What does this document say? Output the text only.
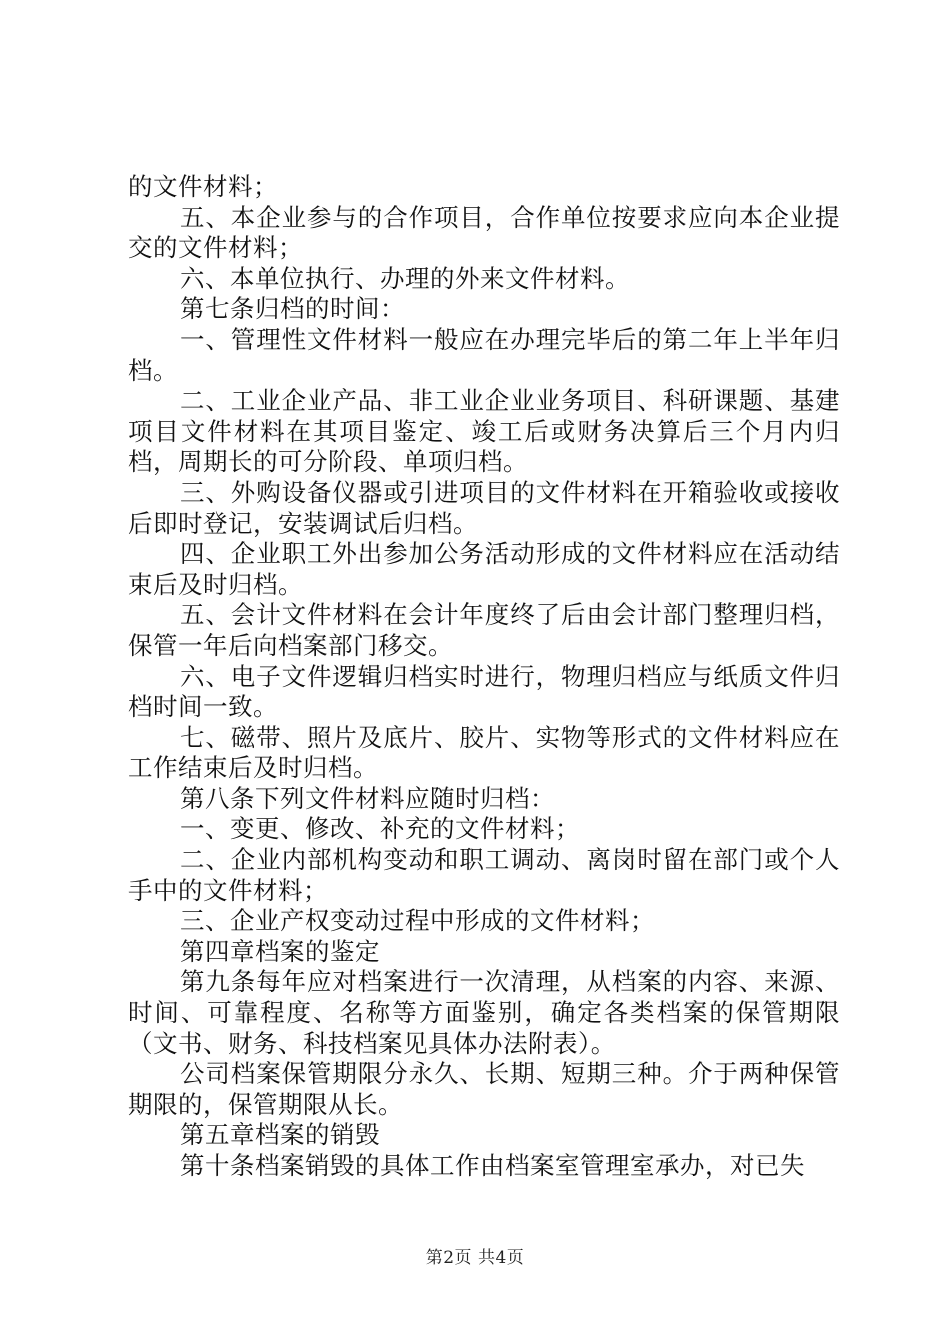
的文件材料；

五、本企业参与的合作项目，合作单位按要求应向本企业提交的文件材料；

六、本单位执行、办理的外来文件材料。

第七条归档的时间：

一、管理性文件材料一般应在办理完毕后的第二年上半年归档。

二、工业企业产品、非工业企业业务项目、科研课题、基建项目文件材料在其项目鉴定、竣工后或财务决算后三个月内归档，周期长的可分阶段、单项归档。

三、外购设备仪器或引进项目的文件材料在开箱验收或接收后即时登记，安装调试后归档。

四、企业职工外出参加公务活动形成的文件材料应在活动结束后及时归档。

五、会计文件材料在会计年度终了后由会计部门整理归档，保管一年后向档案部门移交。

六、电子文件逻辑归档实时进行，物理归档应与纸质文件归档时间一致。

七、磁带、照片及底片、胶片、实物等形式的文件材料应在工作结束后及时归档。

第八条下列文件材料应随时归档：

一、变更、修改、补充的文件材料；

二、企业内部机构变动和职工调动、离岗时留在部门或个人手中的文件材料；

三、企业产权变动过程中形成的文件材料；

第四章档案的鉴定

第九条每年应对档案进行一次清理，从档案的内容、来源、时间、可靠程度、名称等方面鉴别，确定各类档案的保管期限（文书、财务、科技档案见具体办法附表）。

公司档案保管期限分永久、长期、短期三种。介于两种保管期限的，保管期限从长。

第五章档案的销毁

第十条档案销毁的具体工作由档案室管理室承办，对已失

第2页 共4页
